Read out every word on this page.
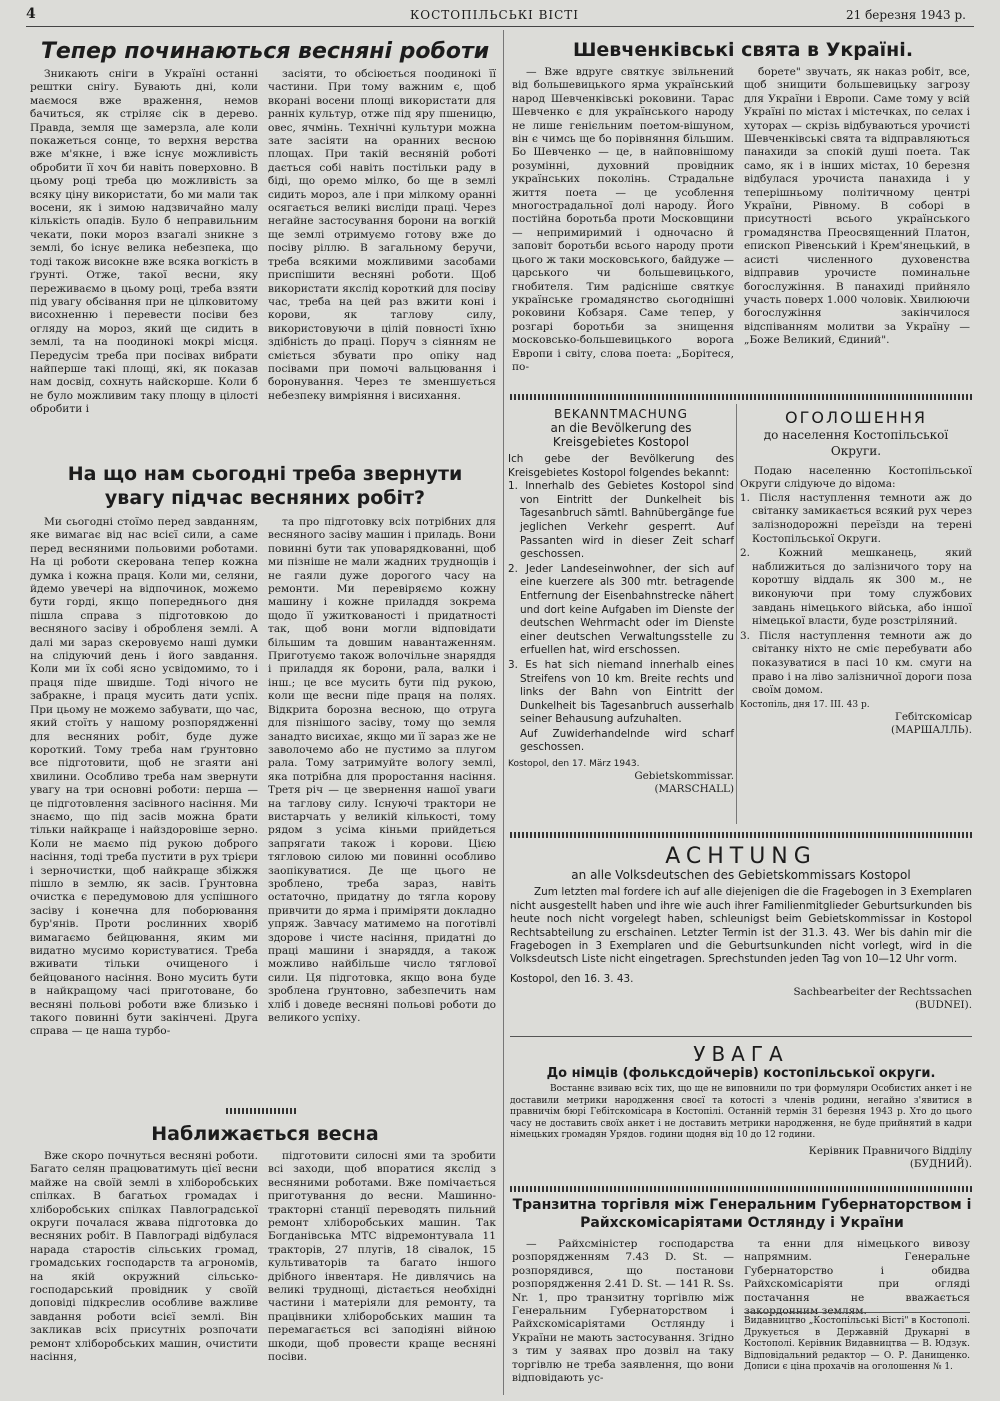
4	КОСТОПІЛЬСЬКІ ВІСТІ	21 березня 1943 р.
Тепер починаються весняні роботи

Зникають сніги в Україні останні рештки снігу. Бувають дні, коли маємося вже враження, немов бачиться, як стріляє сік в дерево. Правда, земля ще замерзла, але коли покажеться сонце, то верхня верства вже м'якне, і вже існує можливість обробити її хоч би навіть поверховно. В цьому році треба цю можливість за всяку ціну використати, бо ми мали так восени, як і зимою надзвичайно малу кількість опадів. Було б неправильним чекати, поки мороз взагалі зникне з землі, бо існує велика небезпека, що тоді також високне вже всяка вогкість в ґрунті. Отже, такої весни, яку переживаємо в цьому році, треба взяти під увагу обсівання при не цілковитому висохненню і перевести посіви без огляду на мороз, який ще сидить в землі, та на поодинокі мокрі місця. Передусім треба при посівах вибрати найперше такі площі, які, як показав нам досвід, сохнуть найскорше. Коли б не було можливим таку площу в цілості обробити і

засіяти, то обсіюється поодинокі її частини. При тому важним є, щоб вкорані восени площі використати для ранніх культур, отже під яру пшеницю, овес, ячмінь. Технічні культури можна зате засіяти на оранних весною площах. При такій весняній роботі дається собі навіть постільки раду в біді, що оремо мілко, бо ще в землі сидить мороз, але і при мілкому оранні осягається великі висліди праці. Через негайне застосування борони на вогкій ще землі отримуємо готову вже до посіву ріллю. В загальному беручи, треба всякими можливими засобами приспішити весняні роботи. Щоб використати якслід короткий для посіву час, треба на цей раз вжити коні і корови, як таглову силу, використовуючи в цілій повності їхню здібність до праці. Поруч з сіянням не сміється збувати про опіку над посівами при помочі вальцювання і боронування. Через те зменшується небезпеку вимріяння і висихання.

На що нам сьогодні треба звернути увагу підчас весняних робіт?

Ми сьогодні стоїмо перед завданням, яке вимагає від нас всієї сили, а саме перед весняними польовими роботами. На ці роботи скерована тепер кожна думка і кожна праця. Коли ми, селяни, йдемо увечері на відпочинок, можемо бути горді, якщо попереднього дня пішла справа з підготовкою до весняного засіву і обробленя землі. А далі ми зараз скеровуємо наші думки на слідуючий день і його завдання. Коли ми їх собі ясно усвідомимо, то і праця піде швидше. Тоді нічого не забракне, і праця мусить дати успіх. При цьому не можемо забувати, що час, який стоїть у нашому розпорядженні для весняних робіт, буде дуже короткий. Тому треба нам ґрунтовно все підготовити, щоб не згаяти ані хвилини. Особливо треба нам звернути увагу на три основні роботи: перша — це підготовлення засівного насіння. Ми знаємо, що під засів можна брати тільки найкраще і найздоровіше зерно. Коли не маємо під рукою доброго насіння, тоді треба пустити в рух трієри і зерночистки, щоб найкраще збіжжя пішло в землю, як засів. Ґрунтовна очистка є передумовою для успішного засіву і конечна для поборювання бур'янів. Проти рослинних хворіб вимагаємо бейцювання, яким ми видатно мусимо користуватися. Треба вживати тільки очищеного і бейцованого насіння. Воно мусить бути в найкращому часі приготоване, бо весняні польові роботи вже близько і такого повинні бути закінчені. Друга справа — це наша турбо-

та про підготовку всіх потрібних для весняного засіву машин і приладь. Вони повинні бути так уповарядкованні, щоб ми пізніше не мали жадних труднощів і не гаяли дуже дорогого часу на ремонти. Ми перевіряємо кожну машину і кожне приладдя зокрема щодо її ужиткованості і придатності так, щоб вони могли відповідати більшим та довшим навантаженням. Приготуємо також волочільне знаряддя і приладдя як борони, рала, валки і інш.; це все мусить бути під рукою, коли ще весни піде праця на полях. Відкрита борозна весною, що отруга для пізнішого засіву, тому що земля занадто висихає, якщо ми її зараз же не заволочемо або не пустимо за плугом рала. Тому затримуйте вологу землі, яка потрібна для проростання насіння. Третя річ — це звернення нашої уваги на таглову силу. Існуючі трактори не вистарчать у великій кількості, тому рядом з усіма кіньми прийдеться запрягати також і корови. Цією тягловою силою ми повинні особливо заопікуватися. Де ще цього не зроблено, треба зараз, навіть остаточно, придатну до тягла корову привчити до ярма і приміряти докладно упряж. Завчасу матимемо на поготівлі здорове і чисте насіння, придатні до праці машини і знаряддя, а також можливо найбільше число тяглової сили. Ця підготовка, якщо вона буде зроблена ґрунтовно, забезпечить нам хліб і доведе весняні польові роботи до великого успіху.

Наближається весна

Вже скоро почнуться весняні роботи. Багато селян працюватимуть цієї весни майже на своїй землі в хліборобських спілках. В багатьох громадах і хліборобських спілках Павлоградської округи почалася жвава підготовка до весняних робіт. В Павлограді відбулася нарада старостів сільських громад, громадських господарств та агрономів, на якій окружний сільсько-господарський провідник у своїй доповіді підкреслив особливе важливе завдання роботи всієї землі. Він закликав всіх присутніх розпочати ремонт хліборобських машин, очистити насіння,

підготовити силосні ями та зробити всі заходи, щоб впоратися якслід з весняними роботами. Вже помічається приготування до весни. Машинно-тракторні станції переводять пильний ремонт хліборобських машин. Так Богданівська МТС відремонтувала 11 тракторів, 27 плугів, 18 сівалок, 15 культиваторів та багато іншого дрібного інвентаря. Не дивлячись на великі труднощі, дістається необхідні частини і матеріяли для ремонту, та працівники хліборобських машин та перемагається всі заподіяні війною шкоди, щоб провести краще весняні посіви.

Шевченківські свята в Україні.

— Вже вдруге святкує звільнений від большевицького ярма український народ Шевченківські роковини. Тарас Шевченко є для українського народу не лише генієльним поетом-вішуном, він є чимсь ще бо порівняння більшим. Бо Шевченко — це, в найповнішому розумінні, духовний провідник українських поколінь. Страдальне життя поета — це усоблення многострадальної долі народу. Його постійна боротьба проти Московщини — непримиримий і одночасно й заповіт боротьби всього народу проти цього ж таки московського, байдуже — царського чи большевицького, гнобителя. Тим радісніше святкує українське громадянство сьогоднішні роковини Кобзаря. Саме тепер, у розгарі боротьби за знищення московсько-большевицького ворога Европи і світу, слова поета: „Борітеся, по-

борете" звучать, як наказ робіт, все, щоб знищити большевицьку загрозу для України і Европи. Саме тому у всій Україні по містах і містечках, по селах і хуторах — скрізь відбуваються урочисті Шевченківські свята та відправляються панахиди за спокій душі поета. Так само, як і в інших містах, 10 березня відбулася урочиста панахида і у теперішньому політичному центрі України, Рівному. В соборі в присутності всього українського громадянства Преосвященний Платон, епископ Рівенський і Крем'янецький, в асисті численного духовенства відправив урочисте поминальне богослужіння. В панахиді прийняло участь поверх 1.000 чоловік. Хвилюючи богослужіння закінчилося відспіванням молитви за Україну — „Боже Великий, Єдиний".

BEKANNTMACHUNG
an die Bevölkerung des Kreisgebietes Kostopol

Ich gebe der Bevölkerung des Kreisgebietes Kostopol folgendes bekannt:

1. Innerhalb des Gebietes Kostopol sind von Eintritt der Dunkelheit bis Tagesanbruch sämtl. Bahnübergänge fue jeglichen Verkehr gesperrt. Auf Passanten wird in dieser Zeit scharf geschossen.
2. Jeder Landeseinwohner, der sich auf eine kuerzere als 300 mtr. betragende Entfernung der Eisenbahnstrecke nähert und dort keine Aufgaben im Dienste der deutschen Wehrmacht oder im Dienste einer deutschen Verwaltungsstelle zu erfuellen hat, wird erschossen.
3. Es hat sich niemand innerhalb eines Streifens von 10 km. Breite rechts und links der Bahn von Eintritt der Dunkelheit bis Tagesanbruch ausserhalb seiner Behausung aufzuhalten.

Auf Zuwiderhandelnde wird scharf geschossen.

Kostopol, den 17. März 1943.

Gebietskommissar.

(MARSCHALL)

ОГОЛОШЕННЯ
до населення Костопільської Округи.

Подаю населенню Костопільської Округи слідуюче до відома:

1. Після наступлення темноти аж до світанку замикається всякий рух через залізнодорожні переїзди на терені Костопільської Округи.
2. Кожний мешканець, який наближиться до залізничого тору на коротшу віддаль як 300 м., не виконуючи при тому службових завдань німецького війська, або іншої німецької власти, буде розстріляний.
3. Після наступлення темноти аж до світанку ніхто не сміє перебувати або показуватися в пасі 10 км. смуги на право і на ліво залізничної дороги поза своїм домом.

Костопіль, дня 17. III. 43 р.

Гебітскомісар

(МАРШАЛЛЬ).

ACHTUNG
an alle Volksdeutschen des Gebietskommissars Kostopol

Zum letzten mal fordere ich auf alle diejenigen die die Fragebogen in 3 Exemplaren nicht ausgestellt haben und ihre wie auch ihrer Familienmitglieder Geburtsurkunden bis heute noch nicht vorgelegt haben, schleunigst beim Gebietskommissar in Kostopol Rechtsabteilung zu erschainen. Letzter Termin ist der 31.3. 43. Wer bis dahin mir die Fragebogen in 3 Exemplaren und die Geburtsunkunden nicht vorlegt, wird in die Volksdeutsch Liste nicht eingetragen. Sprechstunden jeden Tag von 10—12 Uhr vorm.

Kostopol, den 16. 3. 43.

Sachbearbeiter der Rechtssachen

(BUDNEI).

УВАГА
До німців (фольксдойчерів) костопільської округи.

Востаннє взиваю всіх тих, що ще не виповнили по три формуляри Особистих анкет і не доставили метрики народження своєї та котості з членів родини, негайно з'явитися в правничім бюрі Гебітскомісара в Костопілі. Останній термін 31 березня 1943 р. Хто до цього часу не доставить своїх анкет і не доставить метрики народження, не буде прийнятий в кадри німецьких громадян Урядов. години щодня від 10 до 12 години.

Керівник Правничого Відділу

(БУДНИЙ).

Транзитна торгівля між Генеральним Губернаторством і Райхскомісаріятами Остлянду і України

— Райхсміністер господарства розпорядженням 7.43 D. St. — розпорядився, що постанови розпорядження 2.41 D. St. — 141 R. Ss. Nr. 1, про транзитну торгівлю між Генеральним Губернаторством і Райхскомісаріятами Остлянду і України не мають застосування. Згідно з тим у заявах про дозвіл на таку торгівлю не треба заявлення, що вони відповідають ус-

та енни для німецького вивозу напрямним. Генеральне Губернаторство і обидва Райхскомісаріяти при огляді постачання не вважається

Видавництво „Костопільські Вісті" в Костополі. Друкується в Державній Друкарні в Костополі. Керівник Видавництва — В. Юдзук. Відповідальний редактор — О. Р. Данищенко. Дописи є ціна прохачів на оголошення № 1.
